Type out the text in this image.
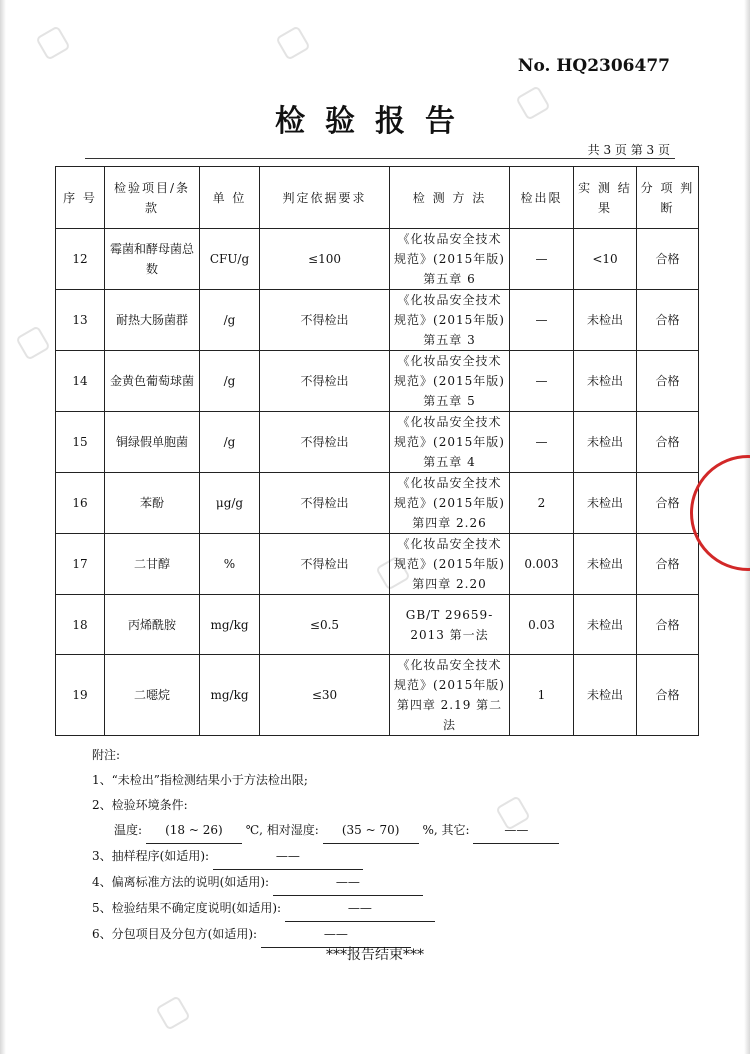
No. HQ2306477
检验报告
共 3 页 第 3 页
序 号	检验项目/条款	单 位	判定依据要求	检 测 方 法	检出限	实 测 结 果	分 项 判 断
12	霉菌和酵母菌总数	CFU/g	≤100	《化妆品安全技术规范》(2015年版) 第五章 6	—	<10	合格
13	耐热大肠菌群	/g	不得检出	《化妆品安全技术规范》(2015年版) 第五章 3	—	未检出	合格
14	金黄色葡萄球菌	/g	不得检出	《化妆品安全技术规范》(2015年版) 第五章 5	—	未检出	合格
15	铜绿假单胞菌	/g	不得检出	《化妆品安全技术规范》(2015年版) 第五章 4	—	未检出	合格
16	苯酚	μg/g	不得检出	《化妆品安全技术规范》(2015年版) 第四章 2.26	2	未检出	合格
17	二甘醇	%	不得检出	《化妆品安全技术规范》(2015年版) 第四章 2.20	0.003	未检出	合格
18	丙烯酰胺	mg/kg	≤0.5	GB/T 29659-2013 第一法	0.03	未检出	合格
19	二噁烷	mg/kg	≤30	《化妆品安全技术规范》(2015年版) 第四章 2.19 第二法	1	未检出	合格
附注:
1、“未检出”指检测结果小于方法检出限;
2、检验环境条件:
温度: (18 ~ 26) ℃, 相对湿度: (35 ~ 70) %, 其它:	——
3、抽样程序(如适用):	——
4、偏离标准方法的说明(如适用):	——
5、检验结果不确定度说明(如适用):	——
6、分包项目及分包方(如适用):	——
***报告结束***
